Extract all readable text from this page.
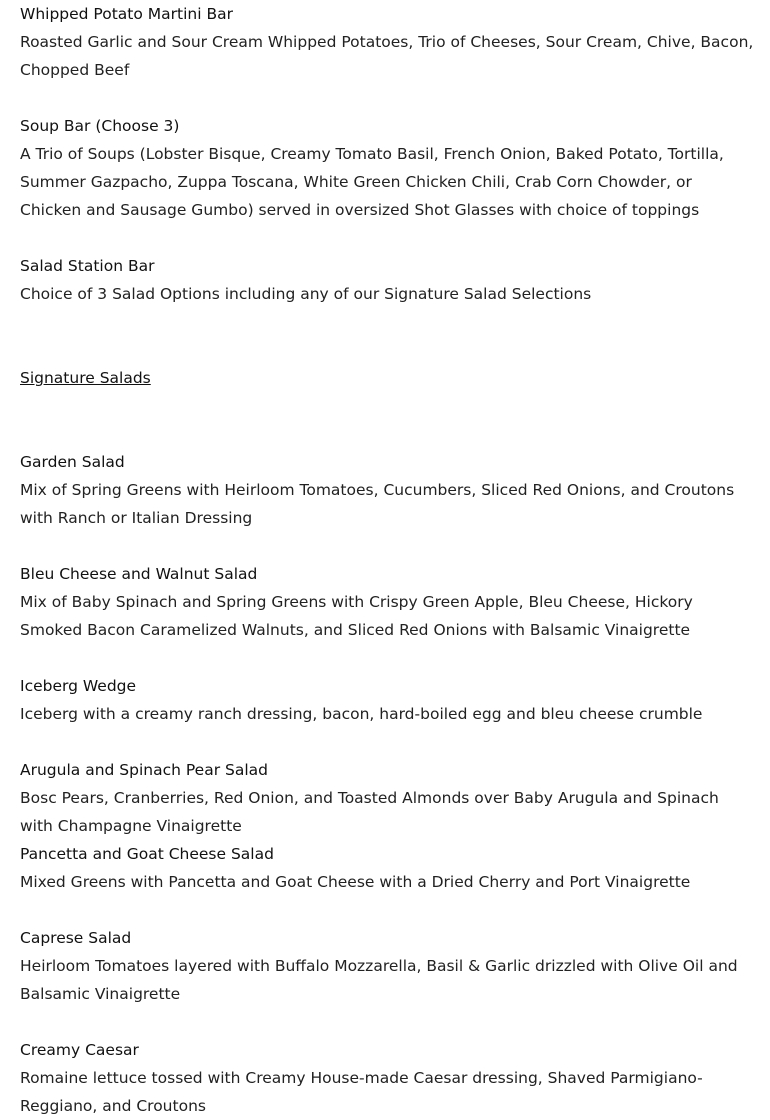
Whipped Potato Martini Bar
Roasted Garlic and Sour Cream Whipped Potatoes, Trio of Cheeses, Sour Cream, Chive, Bacon, Chopped Beef
Soup Bar (Choose 3)
A Trio of Soups (Lobster Bisque, Creamy Tomato Basil, French Onion, Baked Potato, Tortilla, Summer Gazpacho, Zuppa Toscana, White Green Chicken Chili, Crab Corn Chowder, or Chicken and Sausage Gumbo) served in oversized Shot Glasses with choice of toppings
Salad Station Bar
Choice of 3 Salad Options including any of our Signature Salad Selections
Signature Salads
Garden Salad
Mix of Spring Greens with Heirloom Tomatoes, Cucumbers, Sliced Red Onions, and Croutons with Ranch or Italian Dressing
Bleu Cheese and Walnut Salad
Mix of Baby Spinach and Spring Greens with Crispy Green Apple, Bleu Cheese, Hickory Smoked Bacon Caramelized Walnuts, and Sliced Red Onions with Balsamic Vinaigrette
Iceberg Wedge
Iceberg with a creamy ranch dressing, bacon, hard-boiled egg and bleu cheese crumble
Arugula and Spinach Pear Salad
Bosc Pears, Cranberries, Red Onion, and Toasted Almonds over Baby Arugula and Spinach with Champagne Vinaigrette
Pancetta and Goat Cheese Salad
Mixed Greens with Pancetta and Goat Cheese with a Dried Cherry and Port Vinaigrette
Caprese Salad
Heirloom Tomatoes layered with Buffalo Mozzarella, Basil & Garlic drizzled with Olive Oil and Balsamic Vinaigrette
Creamy Caesar
Romaine lettuce tossed with Creamy House-made Caesar dressing, Shaved Parmigiano-Reggiano, and Croutons
